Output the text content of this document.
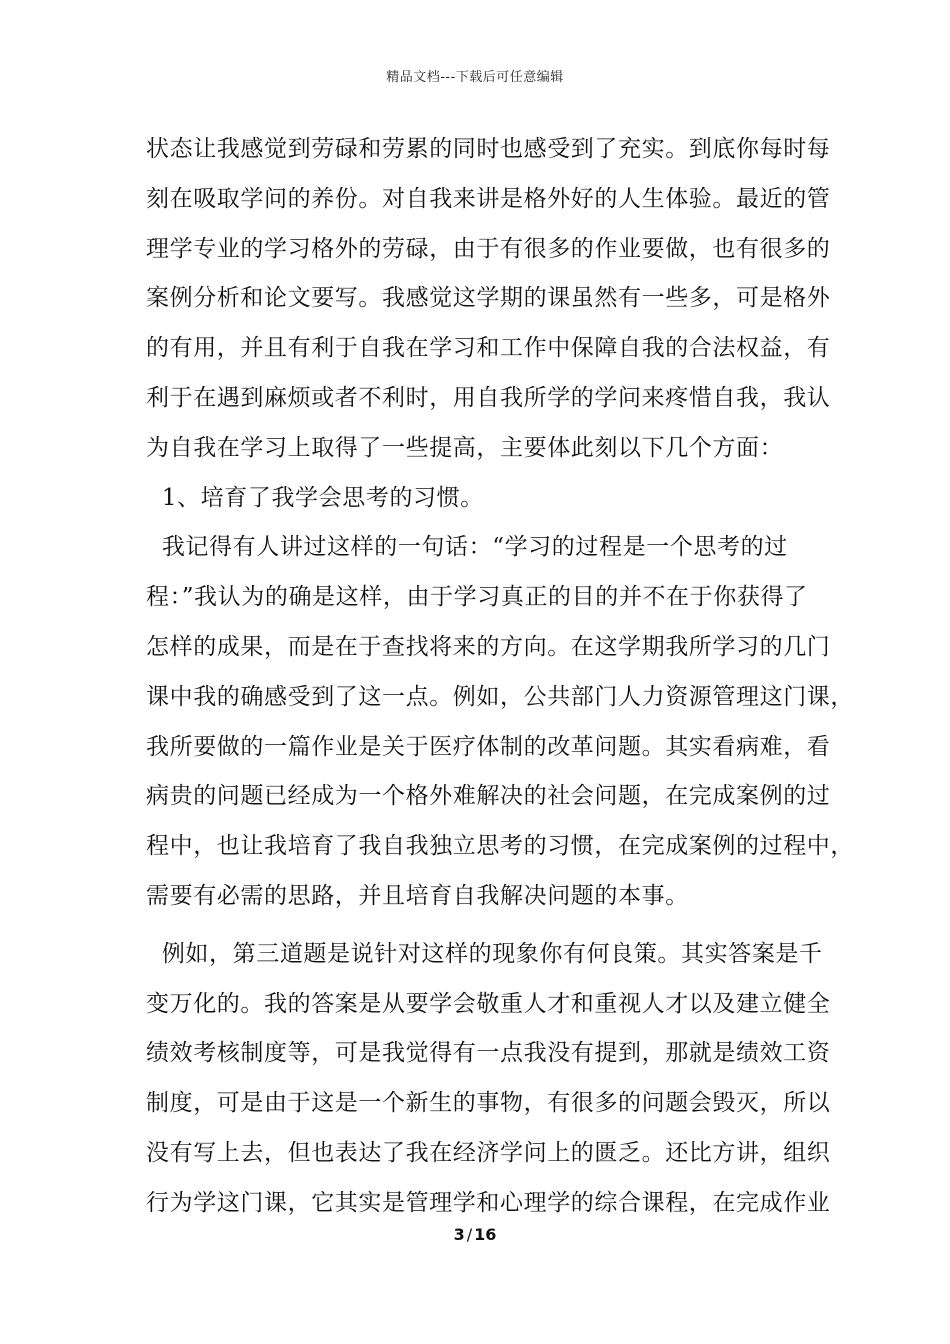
精品文档---下载后可任意编辑
状态让我感觉到劳碌和劳累的同时也感受到了充实。到底你每时每
刻在吸取学问的养份。对自我来讲是格外好的人生体验。最近的管
理学专业的学习格外的劳碌，由于有很多的作业要做，也有很多的
案例分析和论文要写。我感觉这学期的课虽然有一些多，可是格外
的有用，并且有利于自我在学习和工作中保障自我的合法权益，有
利于在遇到麻烦或者不利时，用自我所学的学问来疼惜自我，我认
为自我在学习上取得了一些提高，主要体此刻以下几个方面：
1、培育了我学会思考的习惯。
我记得有人讲过这样的一句话：“学习的过程是一个思考的过
程：”我认为的确是这样，由于学习真正的目的并不在于你获得了
怎样的成果，而是在于查找将来的方向。在这学期我所学习的几门
课中我的确感受到了这一点。例如，公共部门人力资源管理这门课，
我所要做的一篇作业是关于医疗体制的改革问题。其实看病难，看
病贵的问题已经成为一个格外难解决的社会问题，在完成案例的过
程中，也让我培育了我自我独立思考的习惯，在完成案例的过程中，
需要有必需的思路，并且培育自我解决问题的本事。
例如，第三道题是说针对这样的现象你有何良策。其实答案是千
变万化的。我的答案是从要学会敬重人才和重视人才以及建立健全
绩效考核制度等，可是我觉得有一点我没有提到，那就是绩效工资
制度，可是由于这是一个新生的事物，有很多的问题会毁灭，所以
没有写上去，但也表达了我在经济学问上的匮乏。还比方讲，组织
行为学这门课，它其实是管理学和心理学的综合课程，在完成作业
3 / 16
